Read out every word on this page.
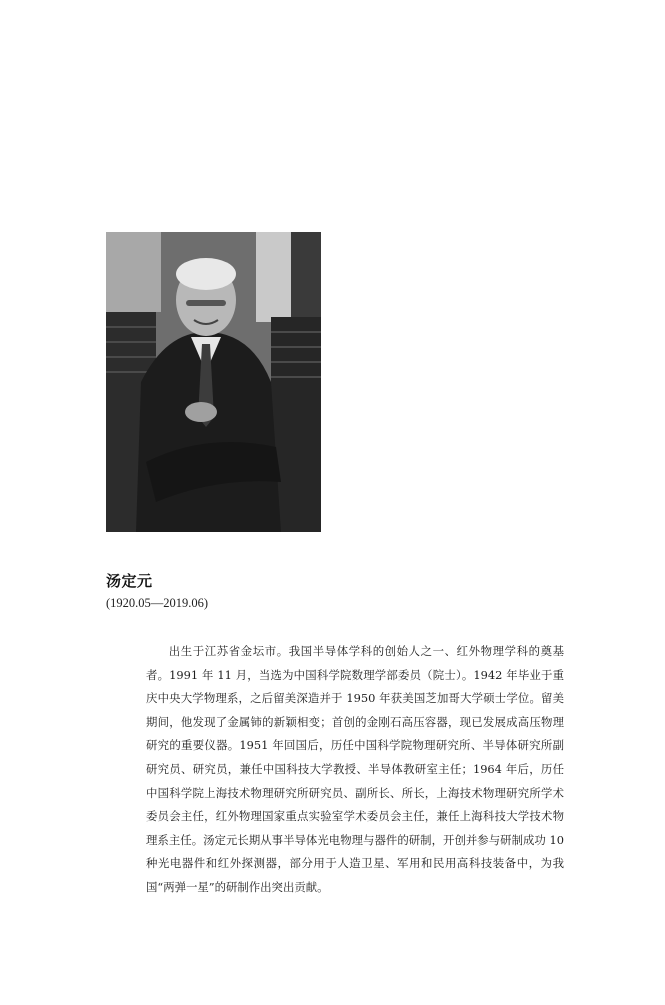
汤定元
(1920.05—2019.06)

出生于江苏省金坛市。我国半导体学科的创始人之一、红外物理学科的奠基者。1991 年 11 月，当选为中国科学院数理学部委员（院士）。1942 年毕业于重庆中央大学物理系，之后留美深造并于 1950 年获美国芝加哥大学硕士学位。留美期间，他发现了金属铈的新颖相变；首创的金刚石高压容器，现已发展成高压物理研究的重要仪器。1951 年回国后，历任中国科学院物理研究所、半导体研究所副研究员、研究员，兼任中国科技大学教授、半导体教研室主任；1964 年后，历任中国科学院上海技术物理研究所研究员、副所长、所长，上海技术物理研究所学术委员会主任，红外物理国家重点实验室学术委员会主任，兼任上海科技大学技术物理系主任。汤定元长期从事半导体光电物理与器件的研制，开创并参与研制成功 10 种光电器件和红外探测器，部分用于人造卫星、军用和民用高科技装备中，为我国“两弹一星”的研制作出突出贡献。
